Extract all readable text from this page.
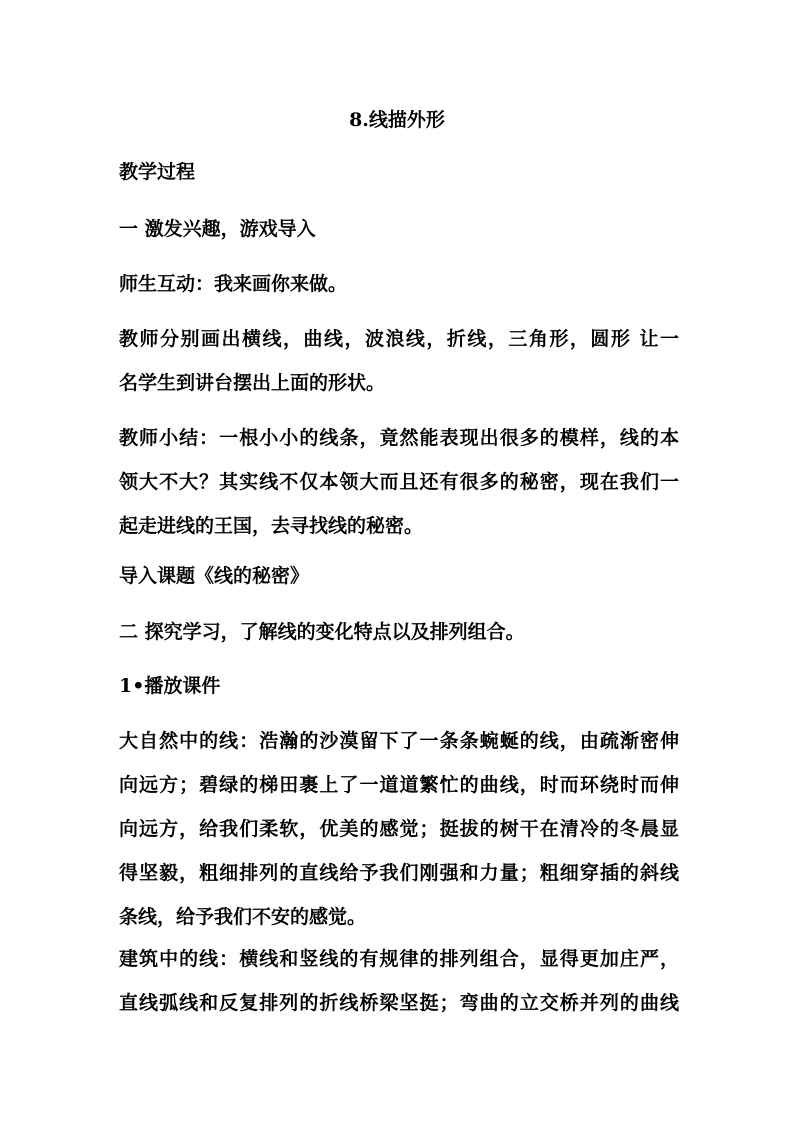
8.线描外形

教学过程

一 激发兴趣，游戏导入

师生互动：我来画你来做。

教师分别画出横线，曲线，波浪线，折线，三角形，圆形 让一
名学生到讲台摆出上面的形状。

教师小结：一根小小的线条，竟然能表现出很多的模样，线的本
领大不大？其实线不仅本领大而且还有很多的秘密，现在我们一
起走进线的王国，去寻找线的秘密。

导入课题《线的秘密》

二 探究学习，了解线的变化特点以及排列组合。

1•播放课件

大自然中的线：浩瀚的沙漠留下了一条条蜿蜒的线，由疏渐密伸
向远方；碧绿的梯田裹上了一道道繁忙的曲线，时而环绕时而伸
向远方，给我们柔软，优美的感觉；挺拔的树干在清冷的冬晨显
得坚毅，粗细排列的直线给予我们刚强和力量；粗细穿插的斜线
条线，给予我们不安的感觉。

建筑中的线：横线和竖线的有规律的排列组合，显得更加庄严，
直线弧线和反复排列的折线桥梁坚挺；弯曲的立交桥并列的曲线
